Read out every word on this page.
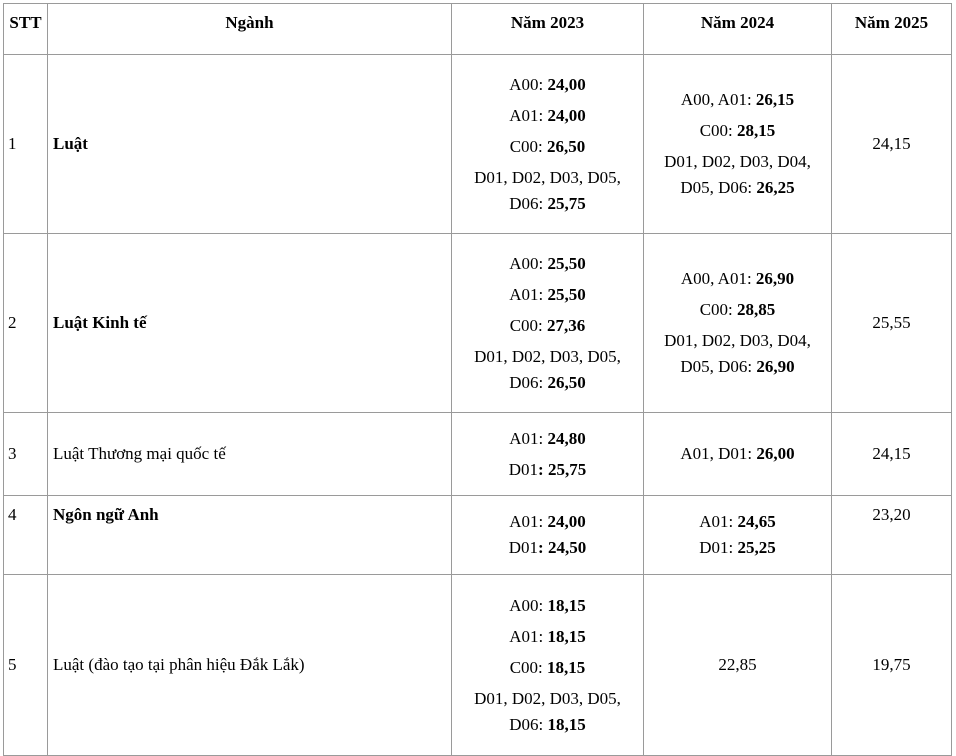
STT	Ngành	Năm 2023	Năm 2024	Năm 2025
1	Luật	A00: 24,00
A01: 24,00
C00: 26,50
D01, D02, D03, D05,
D06: 25,75	A00, A01: 26,15
C00: 28,15
D01, D02, D03, D04,
D05, D06: 26,25	24,15
2	Luật Kinh tế	A00: 25,50
A01: 25,50
C00: 27,36
D01, D02, D03, D05,
D06: 26,50	A00, A01: 26,90
C00: 28,85
D01, D02, D03, D04,
D05, D06: 26,90	25,55
3	Luật Thương mại quốc tế	A01: 24,80
D01: 25,75	A01, D01: 26,00	24,15
4	Ngôn ngữ Anh	A01: 24,00
D01: 24,50	A01: 24,65
D01: 25,25	23,20
5	Luật (đào tạo tại phân hiệu Đắk Lắk)	A00: 18,15
A01: 18,15
C00: 18,15
D01, D02, D03, D05,
D06: 18,15	22,85	19,75
